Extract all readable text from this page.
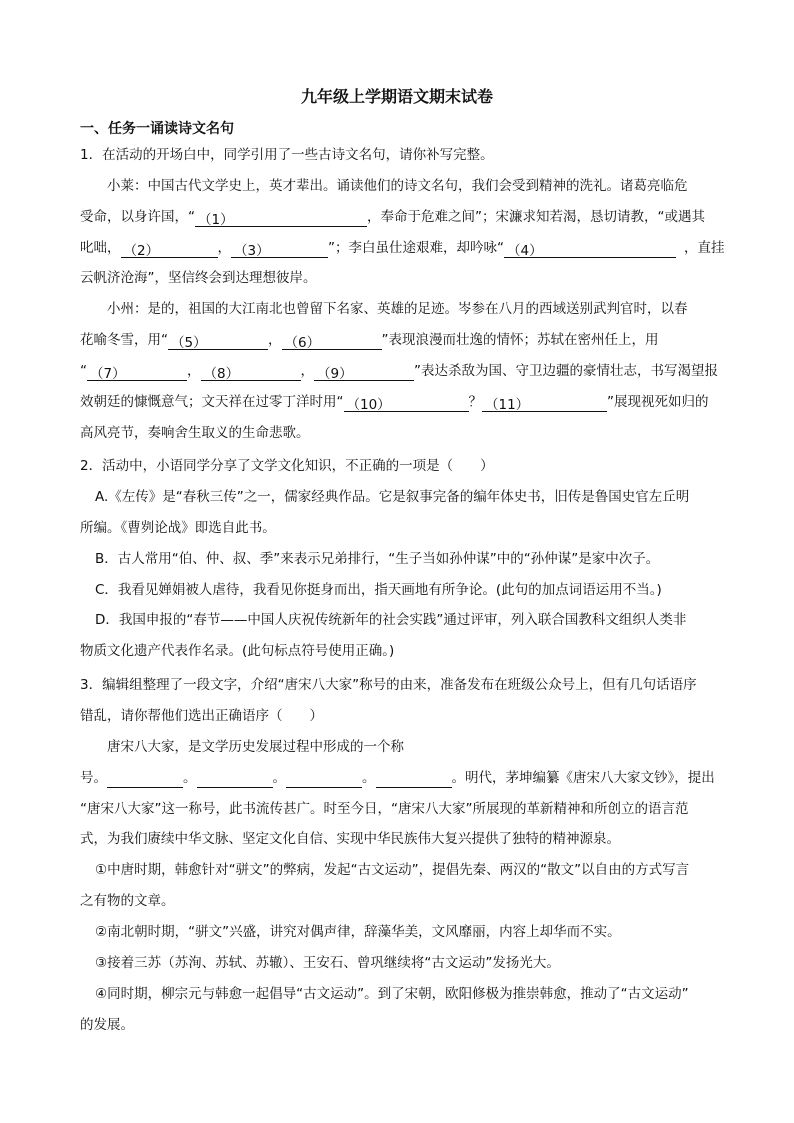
九年级上学期语文期末试卷
一、任务一诵读诗文名句
1．在活动的开场白中，同学引用了一些古诗文名句，请你补写完整。
小莱：中国古代文学史上，英才辈出。诵读他们的诗文名句，我们会受到精神的洗礼。诸葛亮临危
受命，以身许国，“ （1）	，奉命于危难之间”；宋濂求知若渴，恳切请教，“或遇其
叱咄， （2）	， （3）	”；李白虽仕途艰难，却吟咏“ （4）	，直挂
云帆济沧海”，坚信终会到达理想彼岸。
小州：是的，祖国的大江南北也曾留下名家、英雄的足迹。岑参在八月的西域送别武判官时，以春
花喻冬雪，用“ （5）	， （6）	”表现浪漫而壮逸的情怀；苏轼在密州任上，用
“ （7）	， （8）	， （9）	”表达杀敌为国、守卫边疆的豪情壮志，书写渴望报
效朝廷的慷慨意气；文天祥在过零丁洋时用“ （10）	？ （11）	”展现视死如归的
高风亮节，奏响舍生取义的生命悲歌。
2．活动中，小语同学分享了文学文化知识，不正确的一项是（　　）
A.《左传》是“春秋三传”之一，儒家经典作品。它是叙事完备的编年体史书，旧传是鲁国史官左丘明
所编。《曹刿论战》即选自此书。
B．古人常用“伯、仲、叔、季”来表示兄弟排行，“生子当如孙仲谋”中的“孙仲谋”是家中次子。
C．我看见婵娟被人虐待，我看见你挺身而出，指天画地有所争论。(此句的加点词语运用不当。)
D．我国申报的“春节——中国人庆祝传统新年的社会实践”通过评审，列入联合国教科文组织人类非
物质文化遗产代表作名录。(此句标点符号使用正确。)
3．编辑组整理了一段文字，介绍“唐宋八大家”称号的由来，准备发布在班级公众号上，但有几句话语序
错乱，请你帮他们选出正确语序（　　）
唐宋八大家，是文学历史发展过程中形成的一个称
号。	。	。	。	。明代，茅坤编纂《唐宋八大家文钞》，提出
“唐宋八大家”这一称号，此书流传甚广。时至今日，“唐宋八大家”所展现的革新精神和所创立的语言范
式，为我们赓续中华文脉、坚定文化自信、实现中华民族伟大复兴提供了独特的精神源泉。
①中唐时期，韩愈针对“骈文”的弊病，发起“古文运动”，提倡先秦、两汉的“散文”以自由的方式写言
之有物的文章。
②南北朝时期，“骈文”兴盛，讲究对偶声律，辞藻华美，文风靡丽，内容上却华而不实。
③接着三苏（苏洵、苏轼、苏辙）、王安石、曾巩继续将“古文运动”发扬光大。
④同时期，柳宗元与韩愈一起倡导“古文运动”。到了宋朝，欧阳修极为推崇韩愈，推动了“古文运动”
的发展。
